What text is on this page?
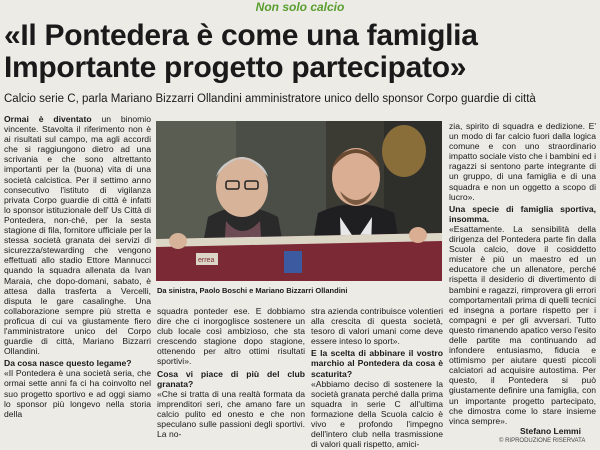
Non solo calcio
«Il Pontedera è come una famiglia
Importante progetto partecipato»
Calcio serie C, parla Mariano Bizzarri Ollandini amministratore unico dello sponsor Corpo guardie di città

Ormai è diventato un binomio vincente. Stavolta il riferimento non è ai risultati sul campo, ma agli accordi che si raggiungono dietro ad una scrivania e che sono altrettanto importanti per la (buona) vita di una società calcistica. Per il settimo anno consecutivo l'istituto di vigilanza privata Corpo guardie di città è infatti lo sponsor istituzionale dell' Us Città di Pontedera, non-ché, per la sesta stagione di fila, fornitore ufficiale per la stessa società granata dei servizi di sicurezza/stewarding che vengono effettuati allo stadio Ettore Mannucci quando la squadra allenata da Ivan Maraia, che dopo-domani, sabato, è attesa dalla trasferta a Vercelli, disputa le gare casalinghe. Una collaborazione sempre più stretta e proficua di cui va giustamente fiero l'amministratore unico del Corpo guardie di città, Mariano Bizzarri Ollandini.

Da cosa nasce questo legame?

«Il Pontedera è una società seria, che ormai sette anni fa ci ha coinvolto nel suo progetto sportivo e ad oggi siamo lo sponsor più longevo nella storia della

errea
Da sinistra, Paolo Boschi e Mariano Bizzarri Ollandini

squadra ponteder ese. E dobbiamo dire che ci inorgoglisce sostenere un club locale così ambizioso, che sta crescendo stagione dopo stagione, ottenendo per altro ottimi risultati sportivi».

Cosa vi piace di più del club granata?

«Che si tratta di una realtà formata da imprenditori seri, che amano fare un calcio pulito ed onesto e che non speculano sulle passioni degli sportivi. La no-

stra azienda contribuisce volentieri alla crescita di questa società, tesoro di valori umani come deve essere inteso lo sport».

E la scelta di abbinare il vostro marchio al Pontedera da cosa è scaturita?

«Abbiamo deciso di sostenere la società granata perché dalla prima squadra in serie C all'ultima formazione della Scuola calcio è vivo e profondo l'impegno dell'intero club nella trasmissione di valori quali rispetto, amici-

zia, spirito di squadra e dedizione. E' un modo di far calcio fuori dalla logica comune e con uno straordinario impatto sociale visto che i bambini ed i ragazzi si sentono parte integrante di un gruppo, di una famiglia e di una squadra e non un oggetto a scopo di lucro».

Una specie di famiglia sportiva, insomma.

«Esattamente. La sensibilità della dirigenza del Pontedera parte fin dalla Scuola calcio, dove il cosiddetto mister è più un maestro ed un educatore che un allenatore, perché rispetta il desiderio di divertimento di bambini e ragazzi, rimprovera gli errori comportamentali prima di quelli tecnici ed insegna a portare rispetto per i compagni e per gli avversari. Tutto questo rimanendo apatico verso l'esito delle partite ma continuando ad infondere entusiasmo, fiducia e ottimismo per aiutare questi piccoli calciatori ad acquisire autostima. Per questo, il Pontedera si può giustamente definire una famiglia, con un importante progetto partecipato, che dimostra come lo stare insieme vinca sempre».

Stefano Lemmi
© RIPRODUZIONE RISERVATA
